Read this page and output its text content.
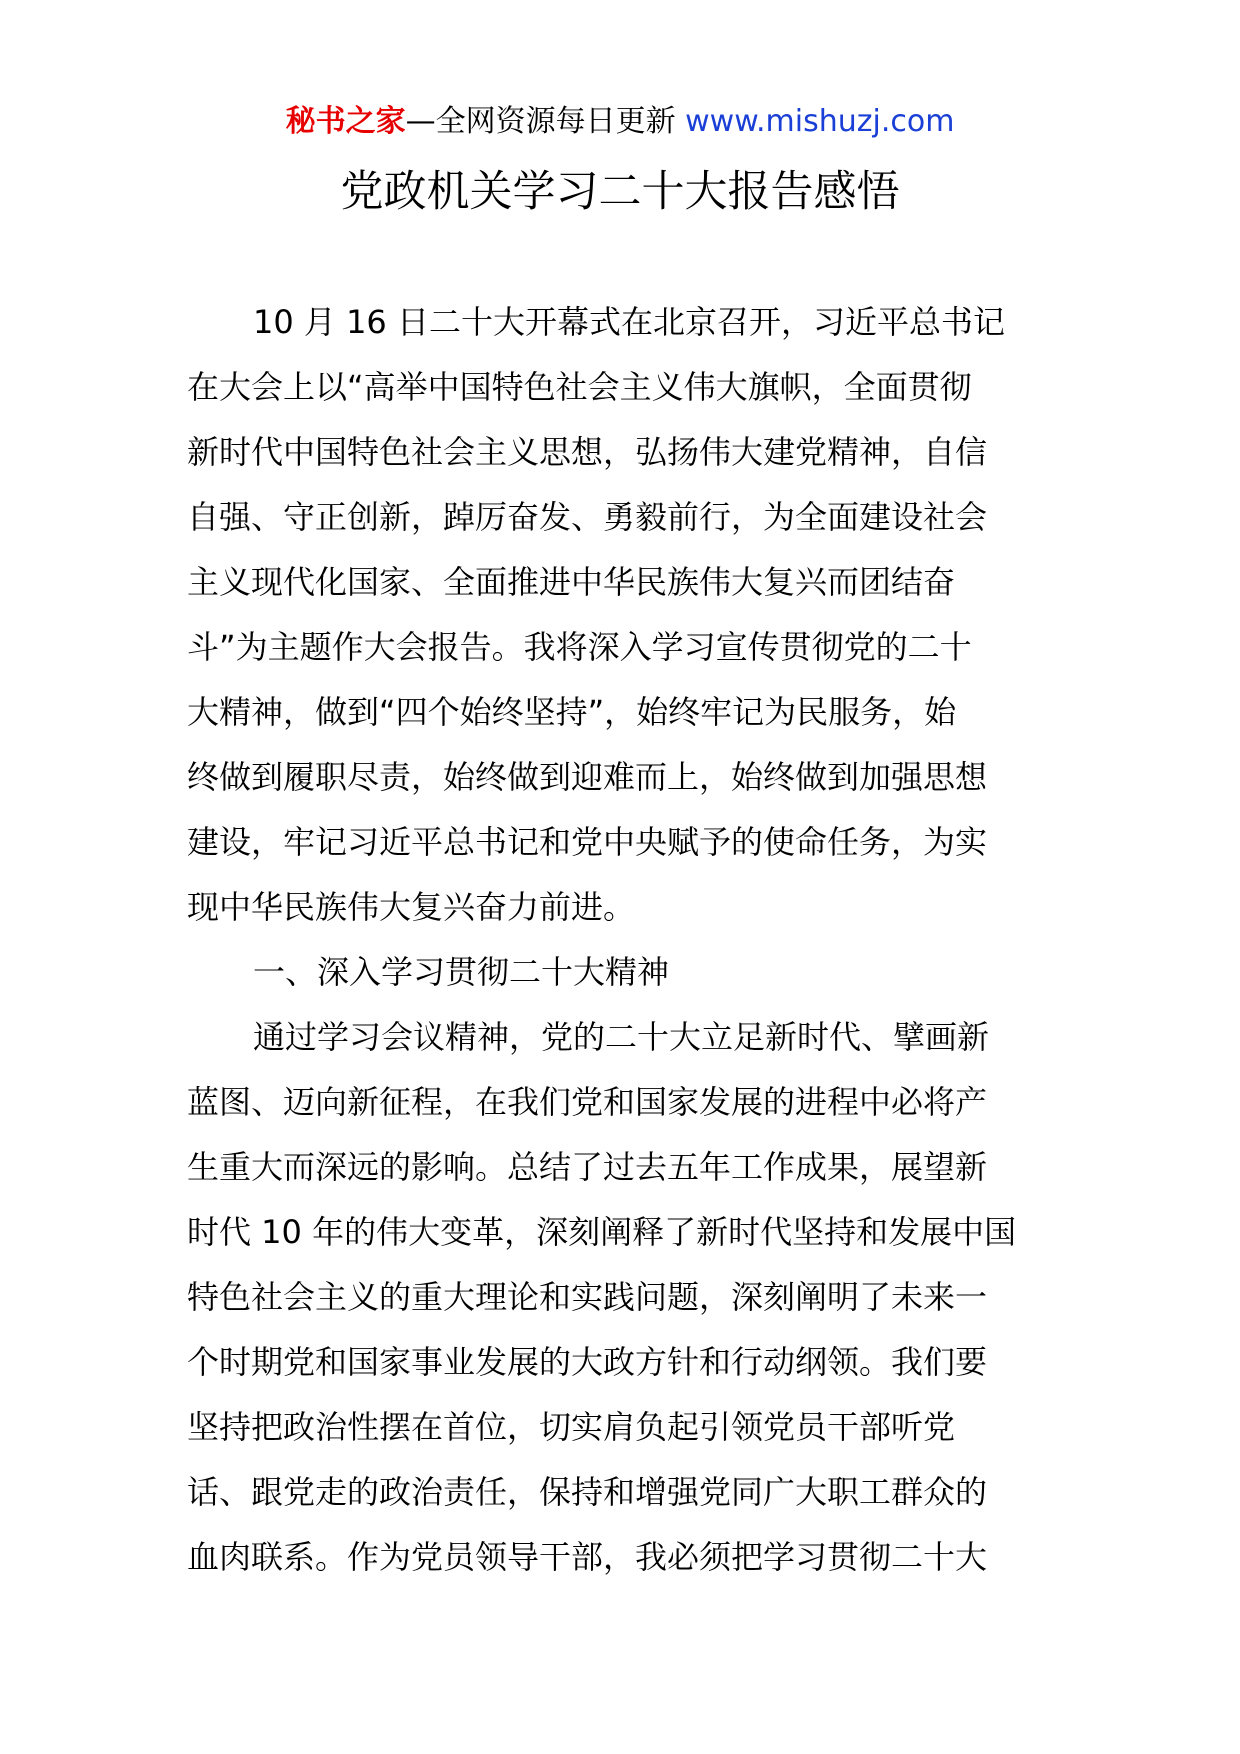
秘书之家—全网资源每日更新 www.mishuzj.com
党政机关学习二十大报告感悟
10 月 16 日二十大开幕式在北京召开，习近平总书记
在大会上以“高举中国特色社会主义伟大旗帜，全面贯彻
新时代中国特色社会主义思想，弘扬伟大建党精神，自信
自强、守正创新，踔厉奋发、勇毅前行，为全面建设社会
主义现代化国家、全面推进中华民族伟大复兴而团结奋
斗”为主题作大会报告。我将深入学习宣传贯彻党的二十
大精神，做到“四个始终坚持”，始终牢记为民服务，始
终做到履职尽责，始终做到迎难而上，始终做到加强思想
建设，牢记习近平总书记和党中央赋予的使命任务，为实
现中华民族伟大复兴奋力前进。
一、深入学习贯彻二十大精神
通过学习会议精神，党的二十大立足新时代、擘画新
蓝图、迈向新征程，在我们党和国家发展的进程中必将产
生重大而深远的影响。总结了过去五年工作成果，展望新
时代 10 年的伟大变革，深刻阐释了新时代坚持和发展中国
特色社会主义的重大理论和实践问题，深刻阐明了未来一
个时期党和国家事业发展的大政方针和行动纲领。我们要
坚持把政治性摆在首位，切实肩负起引领党员干部听党
话、跟党走的政治责任，保持和增强党同广大职工群众的
血肉联系。作为党员领导干部，我必须把学习贯彻二十大
